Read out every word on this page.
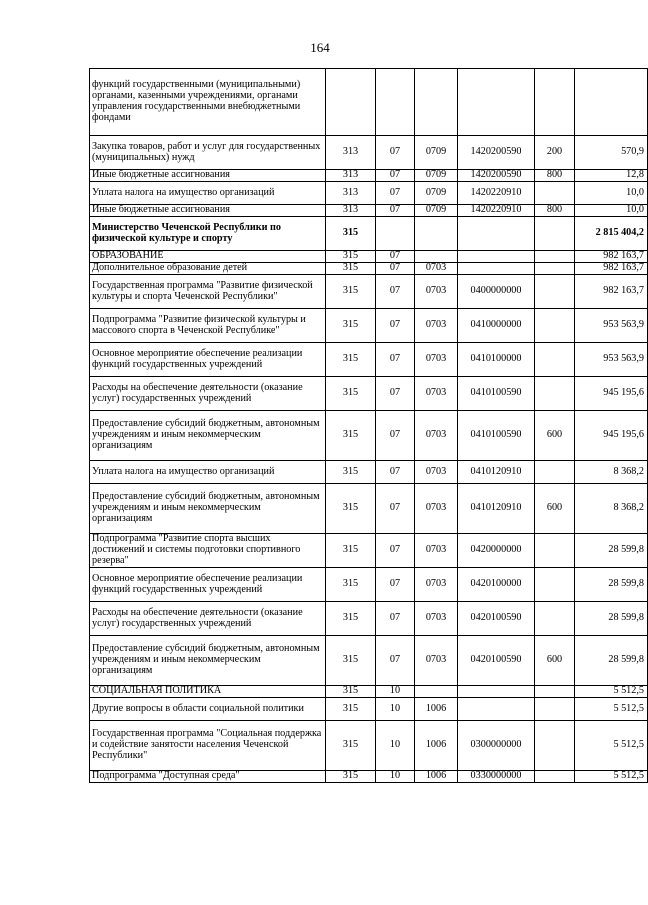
164
функций государственными (муниципальными) органами, казенными учреждениями, органами управления государственными внебюджетными фондами						
Закупка товаров, работ и услуг для государственных (муниципальных) нужд	313	07	0709	1420200590	200	570,9
Иные бюджетные ассигнования	313	07	0709	1420200590	800	12,8
Уплата налога на имущество организаций	313	07	0709	1420220910		10,0
Иные бюджетные ассигнования	313	07	0709	1420220910	800	10,0
Министерство Чеченской Республики по физической культуре и спорту	315					2 815 404,2
ОБРАЗОВАНИЕ	315	07				982 163,7
Дополнительное образование детей	315	07	0703			982 163,7
Государственная программа "Развитие физической культуры и спорта Чеченской Республики"	315	07	0703	0400000000		982 163,7
Подпрограмма "Развитие физической культуры и массового спорта в Чеченской Республике"	315	07	0703	0410000000		953 563,9
Основное мероприятие обеспечение реализации функций государственных учреждений	315	07	0703	0410100000		953 563,9
Расходы на обеспечение деятельности (оказание услуг) государственных учреждений	315	07	0703	0410100590		945 195,6
Предоставление субсидий бюджетным, автономным учреждениям и иным некоммерческим организациям	315	07	0703	0410100590	600	945 195,6
Уплата налога на имущество организаций	315	07	0703	0410120910		8 368,2
Предоставление субсидий бюджетным, автономным учреждениям и иным некоммерческим организациям	315	07	0703	0410120910	600	8 368,2
Подпрограмма "Развитие спорта высших достижений и системы подготовки спортивного резерва"	315	07	0703	0420000000		28 599,8
Основное мероприятие обеспечение реализации функций государственных учреждений	315	07	0703	0420100000		28 599,8
Расходы на обеспечение деятельности (оказание услуг) государственных учреждений	315	07	0703	0420100590		28 599,8
Предоставление субсидий бюджетным, автономным учреждениям и иным некоммерческим организациям	315	07	0703	0420100590	600	28 599,8
СОЦИАЛЬНАЯ ПОЛИТИКА	315	10				5 512,5
Другие вопросы в области социальной политики	315	10	1006			5 512,5
Государственная программа "Социальная поддержка и содействие занятости населения Чеченской Республики"	315	10	1006	0300000000		5 512,5
Подпрограмма "Доступная среда"	315	10	1006	0330000000		5 512,5
